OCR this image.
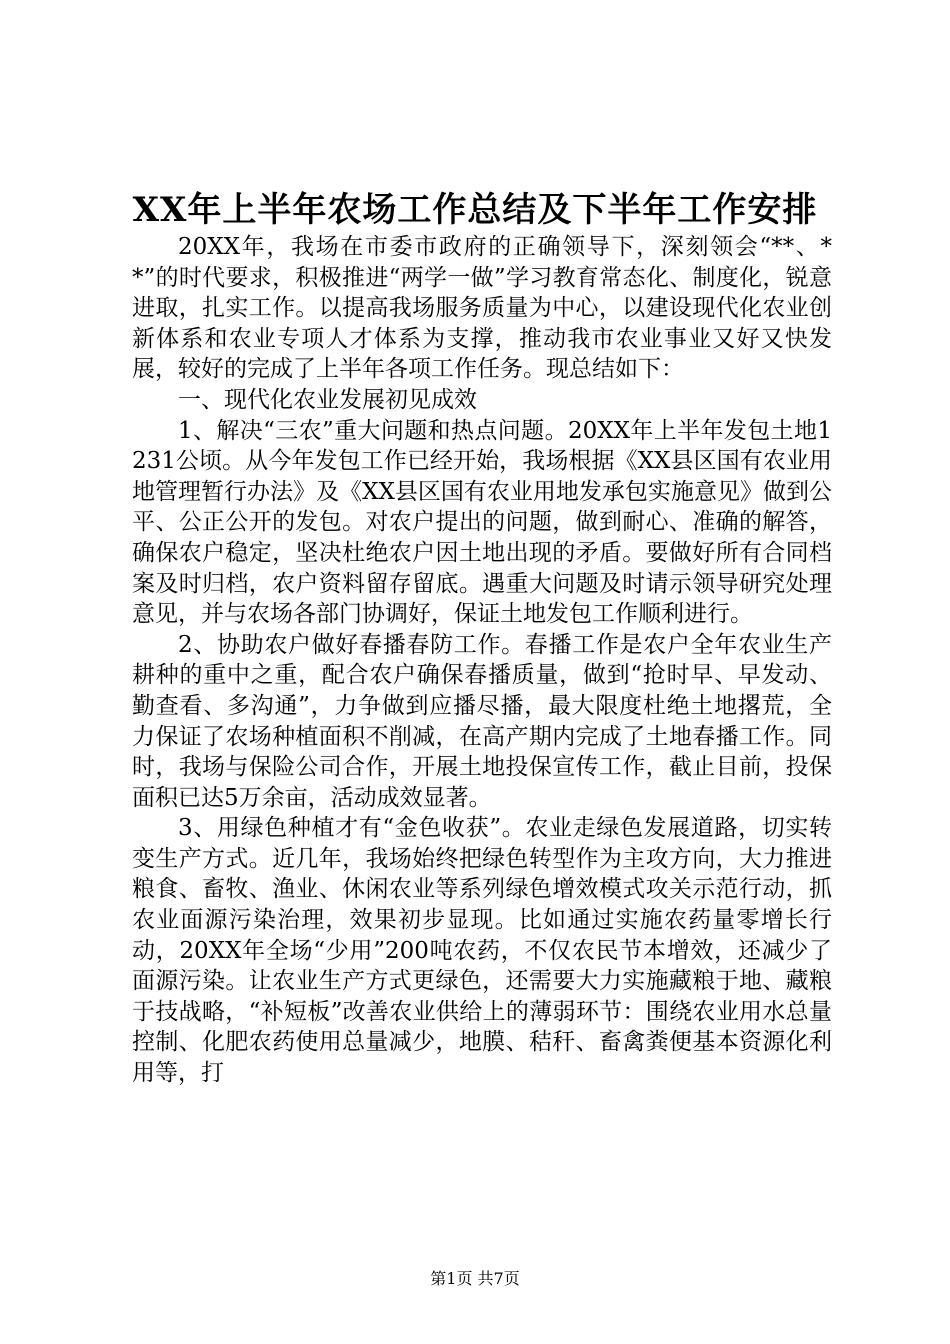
XX年上半年农场工作总结及下半年工作安排

20XX年，我场在市委市政府的正确领导下，深刻领会“**、**”的时代要求，积极推进“两学一做”学习教育常态化、制度化，锐意进取，扎实工作。以提高我场服务质量为中心，以建设现代化农业创新体系和农业专项人才体系为支撑，推动我市农业事业又好又快发展，较好的完成了上半年各项工作任务。现总结如下：

一、现代化农业发展初见成效

1、解决“三农”重大问题和热点问题。20XX年上半年发包土地1231公顷。从今年发包工作已经开始，我场根据《XX县区国有农业用地管理暂行办法》及《XX县区国有农业用地发承包实施意见》做到公平、公正公开的发包。对农户提出的问题，做到耐心、准确的解答，确保农户稳定，坚决杜绝农户因土地出现的矛盾。要做好所有合同档案及时归档，农户资料留存留底。遇重大问题及时请示领导研究处理意见，并与农场各部门协调好，保证土地发包工作顺利进行。

2、协助农户做好春播春防工作。春播工作是农户全年农业生产耕种的重中之重，配合农户确保春播质量，做到“抢时早、早发动、勤查看、多沟通”，力争做到应播尽播，最大限度杜绝土地撂荒，全力保证了农场种植面积不削减，在高产期内完成了土地春播工作。同时，我场与保险公司合作，开展土地投保宣传工作，截止目前，投保面积已达5万余亩，活动成效显著。

3、用绿色种植才有“金色收获”。农业走绿色发展道路，切实转变生产方式。近几年，我场始终把绿色转型作为主攻方向，大力推进粮食、畜牧、渔业、休闲农业等系列绿色增效模式攻关示范行动，抓农业面源污染治理，效果初步显现。比如通过实施农药量零增长行动，20XX年全场“少用”200吨农药，不仅农民节本增效，还减少了面源污染。让农业生产方式更绿色，还需要大力实施藏粮于地、藏粮于技战略，“补短板”改善农业供给上的薄弱环节：围绕农业用水总量控制、化肥农药使用总量减少，地膜、秸秆、畜禽粪便基本资源化利用等，打

第1页 共7页
